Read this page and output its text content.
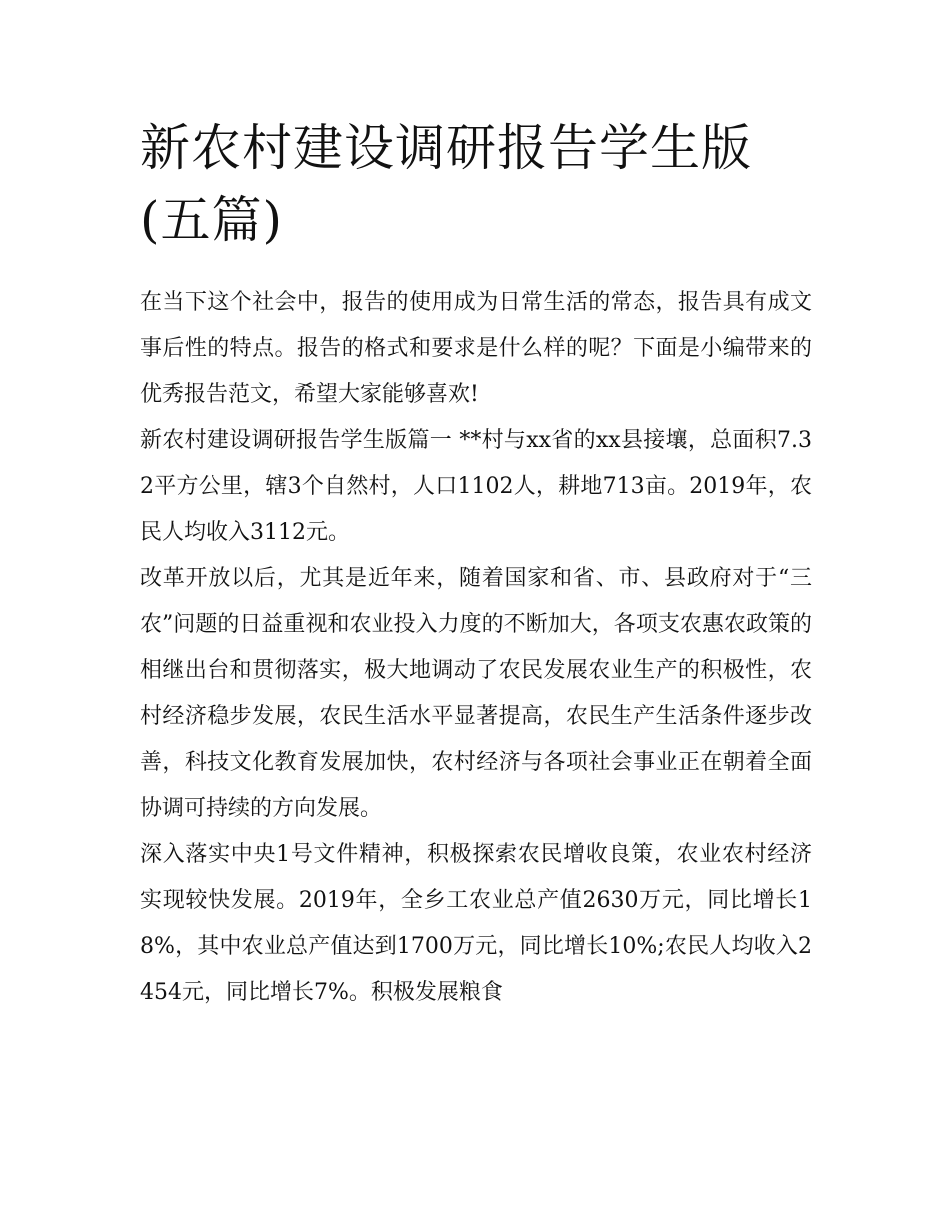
新农村建设调研报告学生版(五篇)

在当下这个社会中，报告的使用成为日常生活的常态，报告具有成文事后性的特点。报告的格式和要求是什么样的呢？下面是小编带来的优秀报告范文，希望大家能够喜欢!

新农村建设调研报告学生版篇一 **村与xx省的xx县接壤，总面积7.32平方公里，辖3个自然村，人口1102人，耕地713亩。2019年，农民人均收入3112元。

改革开放以后，尤其是近年来，随着国家和省、市、县政府对于“三农”问题的日益重视和农业投入力度的不断加大，各项支农惠农政策的相继出台和贯彻落实，极大地调动了农民发展农业生产的积极性，农村经济稳步发展，农民生活水平显著提高，农民生产生活条件逐步改善，科技文化教育发展加快，农村经济与各项社会事业正在朝着全面协调可持续的方向发展。

深入落实中央1号文件精神，积极探索农民增收良策，农业农村经济实现较快发展。2019年，全乡工农业总产值2630万元，同比增长18%，其中农业总产值达到1700万元，同比增长10%;农民人均收入2454元，同比增长7%。积极发展粮食
